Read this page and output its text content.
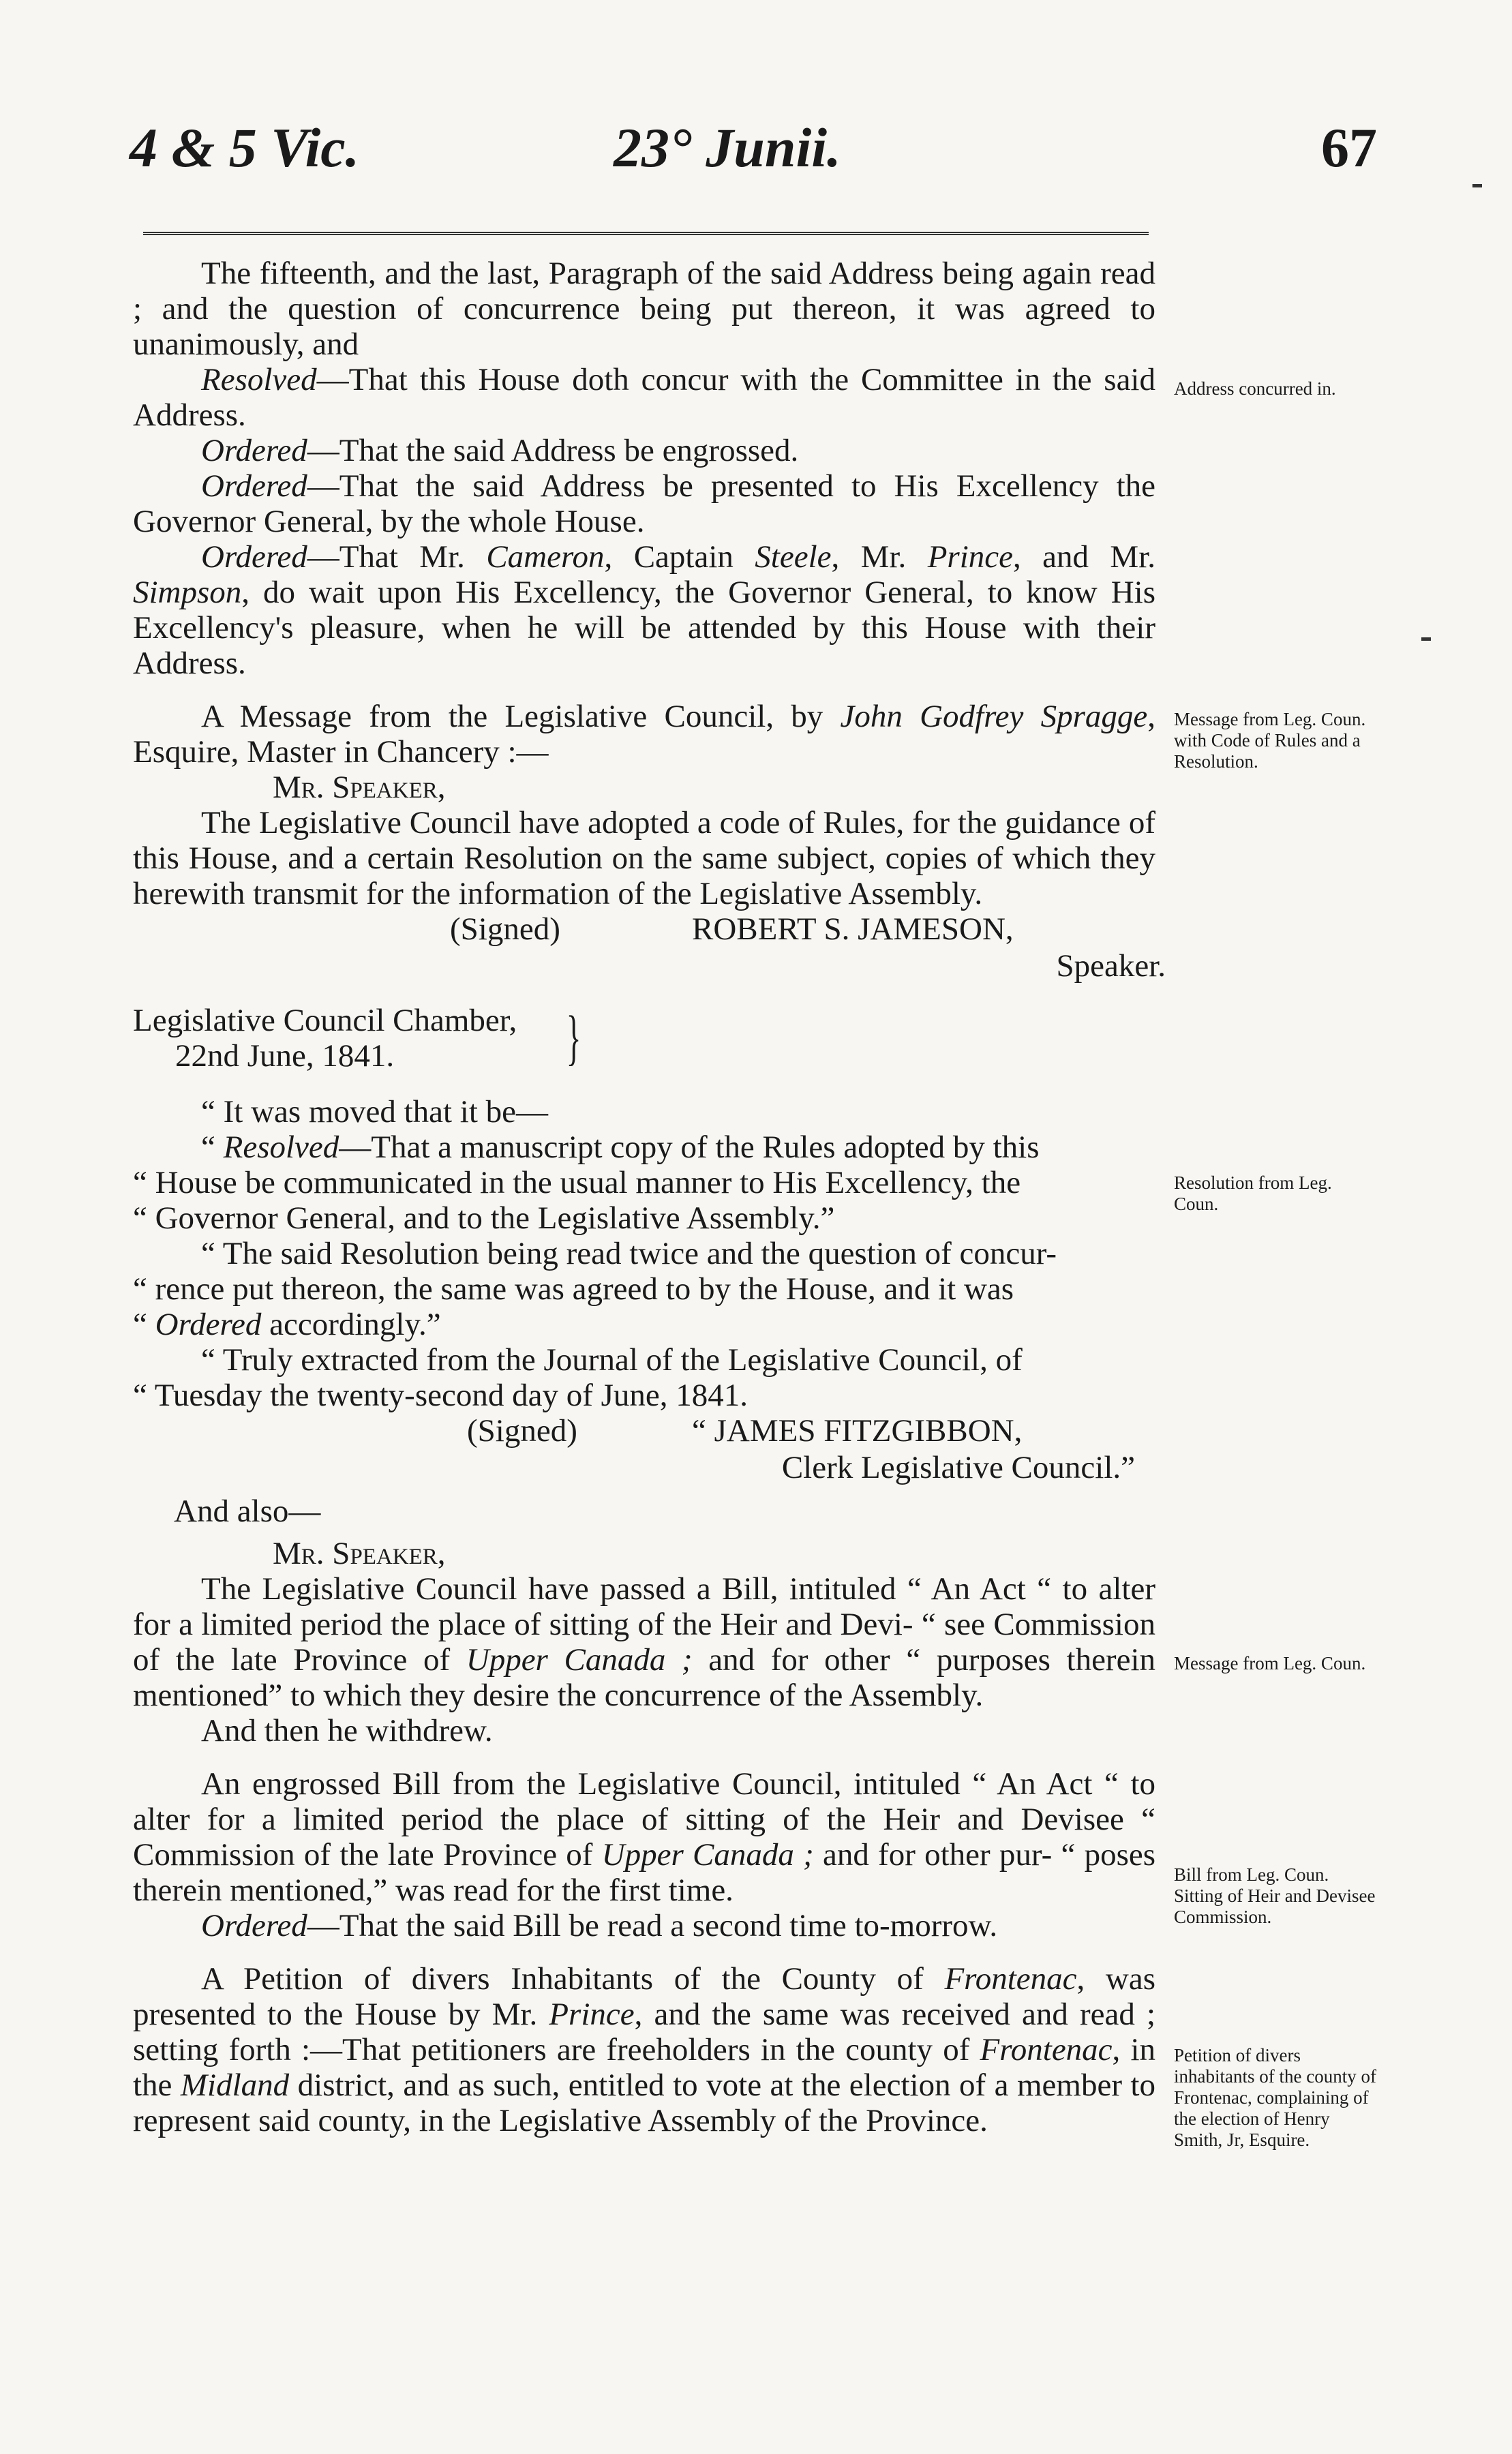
4 & 5 Vic.	23° Junii.	67

The fifteenth, and the last, Paragraph of the said Address being again read ; and the question of concurrence being put thereon, it was agreed to unanimously, and

Resolved—That this House doth concur with the Committee in the said Address.

Ordered—That the said Address be engrossed.

Ordered—That the said Address be presented to His Excellency the Governor General, by the whole House.

Ordered—That Mr. Cameron, Captain Steele, Mr. Prince, and Mr. Simpson, do wait upon His Excellency, the Governor General, to know His Excellency's pleasure, when he will be attended by this House with their Address.

A Message from the Legislative Council, by John Godfrey Spragge, Esquire, Master in Chancery :—

Mr. Speaker,

The Legislative Council have adopted a code of Rules, for the guidance of this House, and a certain Resolution on the same subject, copies of which they herewith transmit for the information of the Legislative Assembly.

(Signed)	ROBERT S. JAMESON,
Speaker.
Legislative Council Chamber,
22nd June, 1841.	}

“ It was moved that it be—

“ Resolved—That a manuscript copy of the Rules adopted by this

“ House be communicated in the usual manner to His Excellency, the

“ Governor General, and to the Legislative Assembly.”

“ The said Resolution being read twice and the question of concur-

“ rence put thereon, the same was agreed to by the House, and it was

“ Ordered accordingly.”

“ Truly extracted from the Journal of the Legislative Council, of

“ Tuesday the twenty-second day of June, 1841.

(Signed)	“ JAMES FITZGIBBON,
Clerk Legislative Council.”

And also—

Mr. Speaker,

The Legislative Council have passed a Bill, intituled “ An Act “ to alter for a limited period the place of sitting of the Heir and Devi- “ see Commission of the late Province of Upper Canada ; and for other “ purposes therein mentioned” to which they desire the concurrence of the Assembly.

And then he withdrew.

An engrossed Bill from the Legislative Council, intituled “ An Act “ to alter for a limited period the place of sitting of the Heir and Devisee “ Commission of the late Province of Upper Canada ; and for other pur- “ poses therein mentioned,” was read for the first time.

Ordered—That the said Bill be read a second time to-morrow.

A Petition of divers Inhabitants of the County of Frontenac, was presented to the House by Mr. Prince, and the same was received and read ; setting forth :—That petitioners are freeholders in the county of Frontenac, in the Midland district, and as such, entitled to vote at the election of a member to represent said county, in the Legislative Assembly of the Province.

Address concurred in.
Message from Leg. Coun. with Code of Rules and a Resolution.
Resolution from Leg. Coun.
Message from Leg. Coun.
Bill from Leg. Coun. Sitting of Heir and Devisee Commission.
Petition of divers inhabitants of the county of Frontenac, complaining of the election of Henry Smith, Jr, Esquire.
